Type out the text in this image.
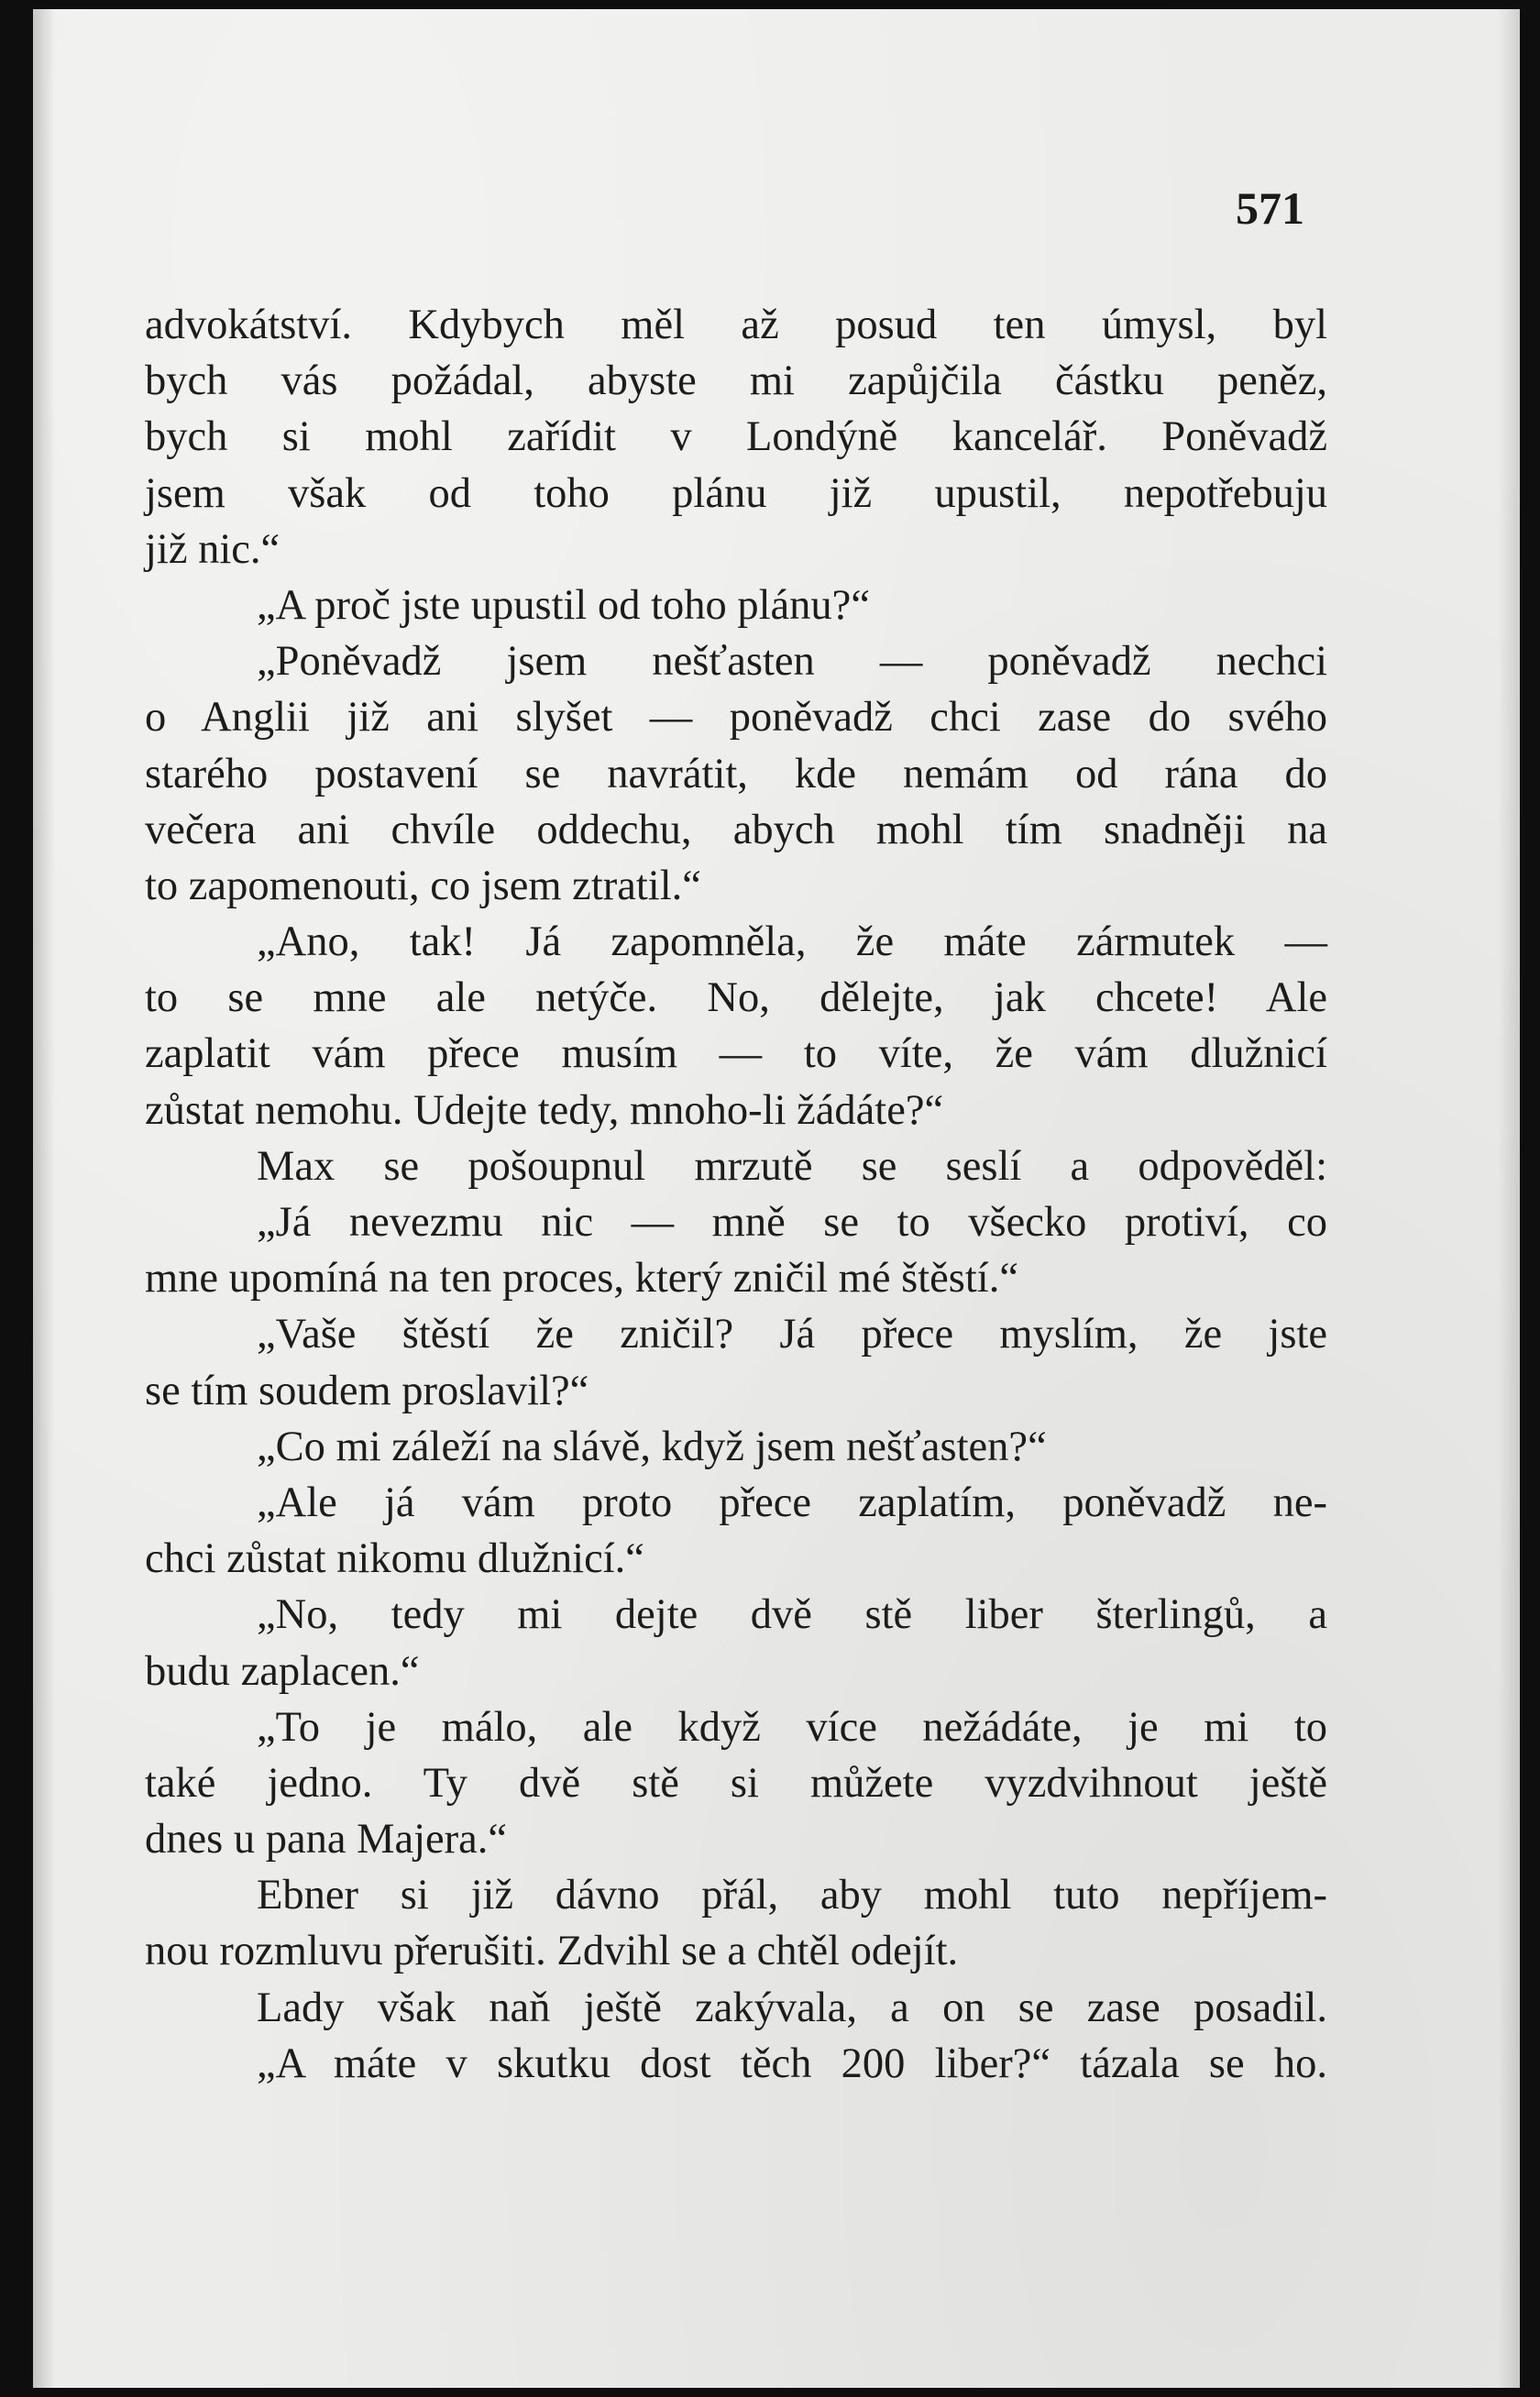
571
advokátství. Kdybych měl až posud ten úmysl, byl
bych vás požádal, abyste mi zapůjčila částku peněz,
bych si mohl zařídit v Londýně kancelář. Poněvadž
jsem však od toho plánu již upustil, nepotřebuju
již nic.“
„A proč jste upustil od toho plánu?“
„Poněvadž jsem nešťasten — poněvadž nechci
o Anglii již ani slyšet — poněvadž chci zase do svého
starého postavení se navrátit, kde nemám od rána do
večera ani chvíle oddechu, abych mohl tím snadněji na
to zapomenouti, co jsem ztratil.“
„Ano, tak! Já zapomněla, že máte zármutek —
to se mne ale netýče. No, dělejte, jak chcete! Ale
zaplatit vám přece musím — to víte, že vám dlužnicí
zůstat nemohu. Udejte tedy, mnoho-li žádáte?“
Max se pošoupnul mrzutě se seslí a odpověděl:
„Já nevezmu nic — mně se to všecko protiví, co
mne upomíná na ten proces, který zničil mé štěstí.“
„Vaše štěstí že zničil? Já přece myslím, že jste
se tím soudem proslavil?“
„Co mi záleží na slávě, když jsem nešťasten?“
„Ale já vám proto přece zaplatím, poněvadž ne-
chci zůstat nikomu dlužnicí.“
„No, tedy mi dejte dvě stě liber šterlingů, a
budu zaplacen.“
„To je málo, ale když více nežádáte, je mi to
také jedno. Ty dvě stě si můžete vyzdvihnout ještě
dnes u pana Majera.“
Ebner si již dávno přál, aby mohl tuto nepříjem-
nou rozmluvu přerušiti. Zdvihl se a chtěl odejít.
Lady však naň ještě zakývala, a on se zase posadil.
„A máte v skutku dost těch 200 liber?“ tázala se ho.
